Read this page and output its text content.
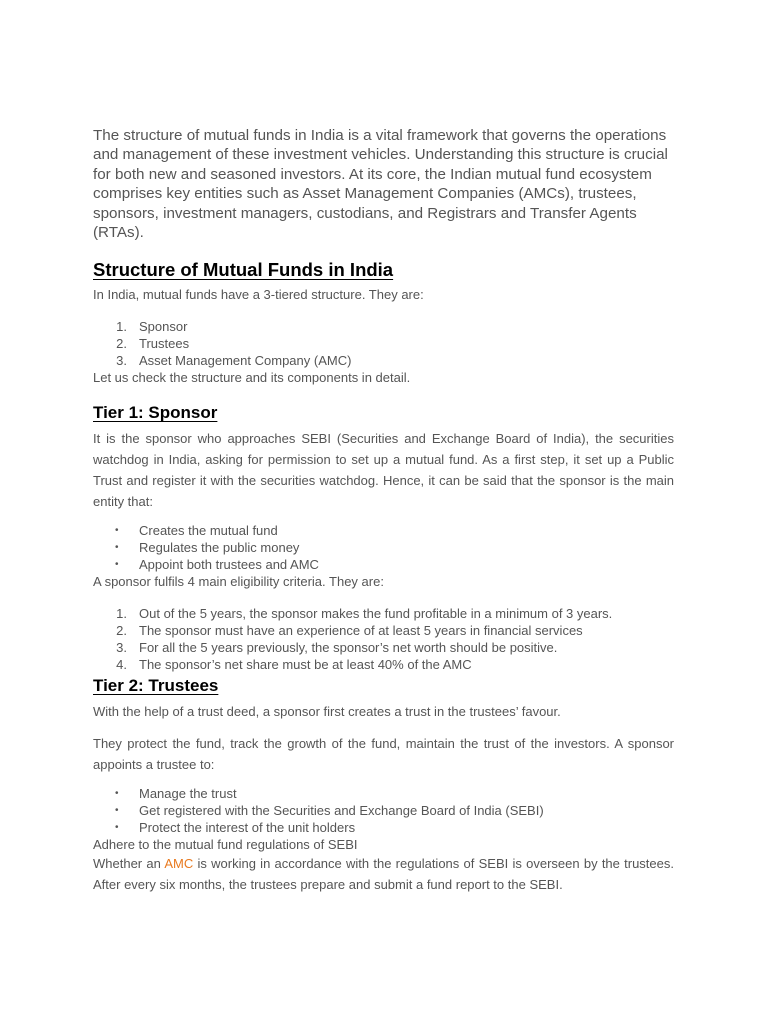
The structure of mutual funds in India is a vital framework that governs the operations and management of these investment vehicles. Understanding this structure is crucial for both new and seasoned investors. At its core, the Indian mutual fund ecosystem comprises key entities such as Asset Management Companies (AMCs), trustees, sponsors, investment managers, custodians, and Registrars and Transfer Agents (RTAs).

Structure of Mutual Funds in India

In India, mutual funds have a 3-tiered structure. They are:

1. Sponsor
2. Trustees
3. Asset Management Company (AMC)

Let us check the structure and its components in detail.

Tier 1: Sponsor

It is the sponsor who approaches SEBI (Securities and Exchange Board of India), the securities watchdog in India, asking for permission to set up a mutual fund. As a first step, it set up a Public Trust and register it with the securities watchdog. Hence, it can be said that the sponsor is the main entity that:

• Creates the mutual fund
• Regulates the public money
• Appoint both trustees and AMC

A sponsor fulfils 4 main eligibility criteria. They are:

1. Out of the 5 years, the sponsor makes the fund profitable in a minimum of 3 years.
2. The sponsor must have an experience of at least 5 years in financial services
3. For all the 5 years previously, the sponsor’s net worth should be positive.
4. The sponsor’s net share must be at least 40% of the AMC
Tier 2: Trustees

With the help of a trust deed, a sponsor first creates a trust in the trustees’ favour.

They protect the fund, track the growth of the fund, maintain the trust of the investors. A sponsor appoints a trustee to:

• Manage the trust
• Get registered with the Securities and Exchange Board of India (SEBI)
• Protect the interest of the unit holders

Adhere to the mutual fund regulations of SEBI

Whether an AMC is working in accordance with the regulations of SEBI is overseen by the trustees. After every six months, the trustees prepare and submit a fund report to the SEBI.
